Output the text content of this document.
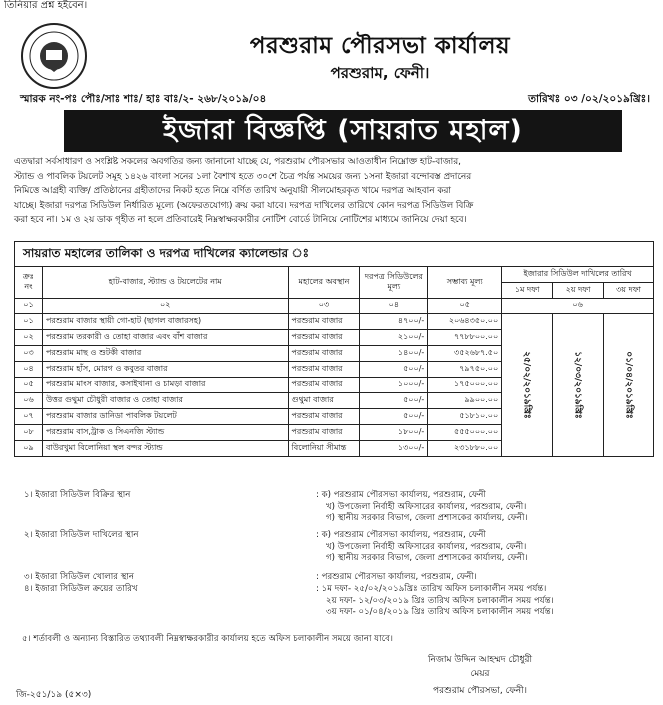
তিনিয়ার প্রশ্ন হইবেন।
পরশুরাম পৌরসভা কার্যালয়
পরশুরাম, ফেনী।
স্মারক নং-পঃ পৌঃ/সাঃ শাঃ/ হাঃ বাঃ/২- ২৬৮/২০১৯/০৪	তারিখঃ ০৩ /০২/২০১৯খ্রিঃ।
ইজারা বিজ্ঞপ্তি (সায়রাত মহাল)
এতদ্বারা সর্বসাধারণ ও সংশ্লিষ্ট সকলের অবগতির জন্য জানানো যাচ্ছে যে, পরশুরাম পৌরসভার আওতাধীন নিম্নোক্ত হাট-বাজার,
স্ট্যান্ড ও পাবলিক টয়লেট সমূহ ১৪২৬ বাংলা সনের ১লা বৈশাখ হতে ৩০শে চৈত্র পর্যন্ত সময়ের জন্য ১সনা ইজারা বন্দোবস্ত প্রদানের
নিমিত্তে আগ্রহী ব্যক্তি/ প্রতিষ্ঠানের গ্রহীতাদের নিকট হতে নিম্নে বর্ণিত তারিখ অনুযায়ী সীলমোহরকৃত খামে দরপত্র আহবান করা
যাচ্ছে। ইজারা দরপত্র সিডিউল নির্ধারিত মূল্যে (অফেরতযোগ্য) ক্রয় করা যাবে। দরপত্র দাখিলের তারিখে কোন দরপত্র সিডিউল বিক্রি
করা হবে না। ১ম ও ২য় ডাক গৃহীত না হলে প্রতিবারেই নিম্নস্বাক্ষরকারীর নোটিশ বোর্ডে টানিয়ে নোটিশের মাধ্যমে জানিয়ে দেয়া হবে।
সায়রাত মহালের তালিকা ও দরপত্র দাখিলের ক্যালেন্ডার ঃ
ক্রঃ নং	হাট-বাজার, স্ট্যান্ড ও টয়লেটের নাম	মহালের অবস্থান	দরপত্র সিডিউলের মূল্য	সম্ভাব্য মূল্য	ইজারার সিডিউল দাখিলের তারিখ		
					১ম দফা	২য় দফা	৩য় দফা
০১	০২	০৩	০৪	০৫	০৬		
০১	পরশুরাম বাজার স্থায়ী গো-হাট (ছাগল বাজারসহ)	পরশুরাম বাজার	৪৭০০/-	২০৬৪৩৫০.০০	২৫/০২/২০১৯খ্রিঃ	১২/০৩/২০১৯খ্রিঃ	০১/০৪/২০১৯খ্রিঃ

০২	পরশুরাম তরকারী ও তোহা বাজার এবং বাঁশ বাজার	পরশুরাম বাজার	২১০০/-	৭৭৮৮০০.০০			
০৩	পরশুরাম মাছ ও শুটকী বাজার	পরশুরাম বাজার	১৪০০/-	৩৫২৬৮৭.৫০			
০৪	পরশুরাম হাঁস, মোরগ ও কবুতর বাজার	পরশুরাম বাজার	৫০০/-	৭৯৭৫০.০০			
০৫	পরশুরাম মাংস বাজার, কসাইখানা ও চামড়া বাজার	পরশুরাম বাজার	১০০০/-	১৭৫০০০.০০			
০৬	উত্তর গুথুমা চৌধুরী বাজার ও তোহা বাজার	গুথুমা বাজার	৫০০/-	৯৯০০.০০			
০৭	পরশুরাম বাজার ডানিডা পাবলিক টয়লেট	পরশুরাম বাজার	৫০০/-	৫১৮১০.০০			
০৮	পরশুরাম বাস,ট্রাক ও সিএনজি স্ট্যান্ড	পরশুরাম বাজার	১৮০০/-	৫৫৫০০০.০০			
০৯	বাউরখুমা বিলোনিয়া স্থল বন্দর স্ট্যান্ড	বিলোনিয়া সীমান্ত	১৩০০/-	২৩১৮৮০.০০			
১। ইজারা সিডিউল বিক্রির স্থান	: ক) পরশুরাম পৌরসভা কার্যালয়, পরশুরাম, ফেনী
খ) উপজেলা নির্বাহী অফিসারের কার্যালয়, পরশুরাম, ফেনী।
গ) স্থানীয় সরকার বিভাগ, জেলা প্রশাসকের কার্যালয়, ফেনী।
২। ইজারা সিডিউল দাখিলের স্থান	: ক) পরশুরাম পৌরসভা কার্যালয়, পরশুরাম, ফেনী
খ) উপজেলা নির্বাহী অফিসারের কার্যালয়, পরশুরাম, ফেনী।
গ) স্থানীয় সরকার বিভাগ, জেলা প্রশাসকের কার্যালয়, ফেনী।
৩। ইজারা সিডিউল খোলার স্থান	: পরশুরাম পৌরসভা কার্যালয়, পরশুরাম, ফেনী।
৪। ইজারা সিডিউল ক্রয়ের তারিখ	: ১ম দফা- ২৫/০২/২০১৯খ্রিঃ তারিখ অফিস চলাকালীন সময় পর্যন্ত।
২য় দফা- ১২/০৩/২০১৯ খ্রিঃ তারিখ অফিস চলাকালীন সময় পর্যন্ত।
৩য় দফা- ০১/০৪/২০১৯ খ্রিঃ তারিখ অফিস চলাকালীন সময় পর্যন্ত।
৫। শর্তাবলী ও অন্যান্য বিস্তারিত তথ্যাবলী নিম্নস্বাক্ষরকারীর কার্যালয় হতে অফিস চলাকালীন সময়ে জানা যাবে।
নিজাম উদ্দিন আহম্মদ চৌধুরী
মেয়র
পরশুরাম পৌরসভা, ফেনী।
জি-২৫১/১৯ (৫×৩)
